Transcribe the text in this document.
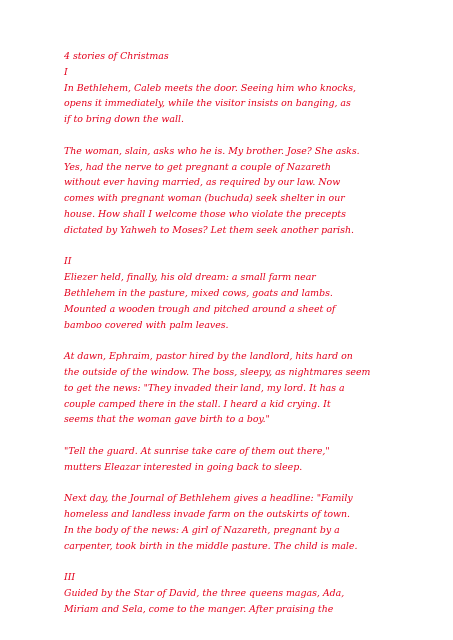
4 stories of Christmas
I
In Bethlehem, Caleb meets the door. Seeing him who knocks,
opens it immediately, while the visitor insists on banging, as
if to bring down the wall.
The woman, slain, asks who he is. My brother. Jose? She asks.
Yes, had the nerve to get pregnant a couple of Nazareth
without ever having married, as required by our law. Now
comes with pregnant woman (buchuda) seek shelter in our
house. How shall I welcome those who violate the precepts
dictated by Yahweh to Moses? Let them seek another parish.
II
Eliezer held, finally, his old dream: a small farm near
Bethlehem in the pasture, mixed cows, goats and lambs.
Mounted a wooden trough and pitched around a sheet of
bamboo covered with palm leaves.
At dawn, Ephraim, pastor hired by the landlord, hits hard on
the outside of the window. The boss, sleepy, as nightmares seem
to get the news: "They invaded their land, my lord. It has a
couple camped there in the stall. I heard a kid crying. It
seems that the woman gave birth to a boy."
"Tell the guard. At sunrise take care of them out there,"
mutters Eleazar interested in going back to sleep.
Next day, the Journal of Bethlehem gives a headline: "Family
homeless and landless invade farm on the outskirts of town.
In the body of the news: A girl of Nazareth, pregnant by a
carpenter, took birth in the middle pasture. The child is male.
III
Guided by the Star of David, the three queens magas, Ada,
Miriam and Sela, come to the manger. After praising the
